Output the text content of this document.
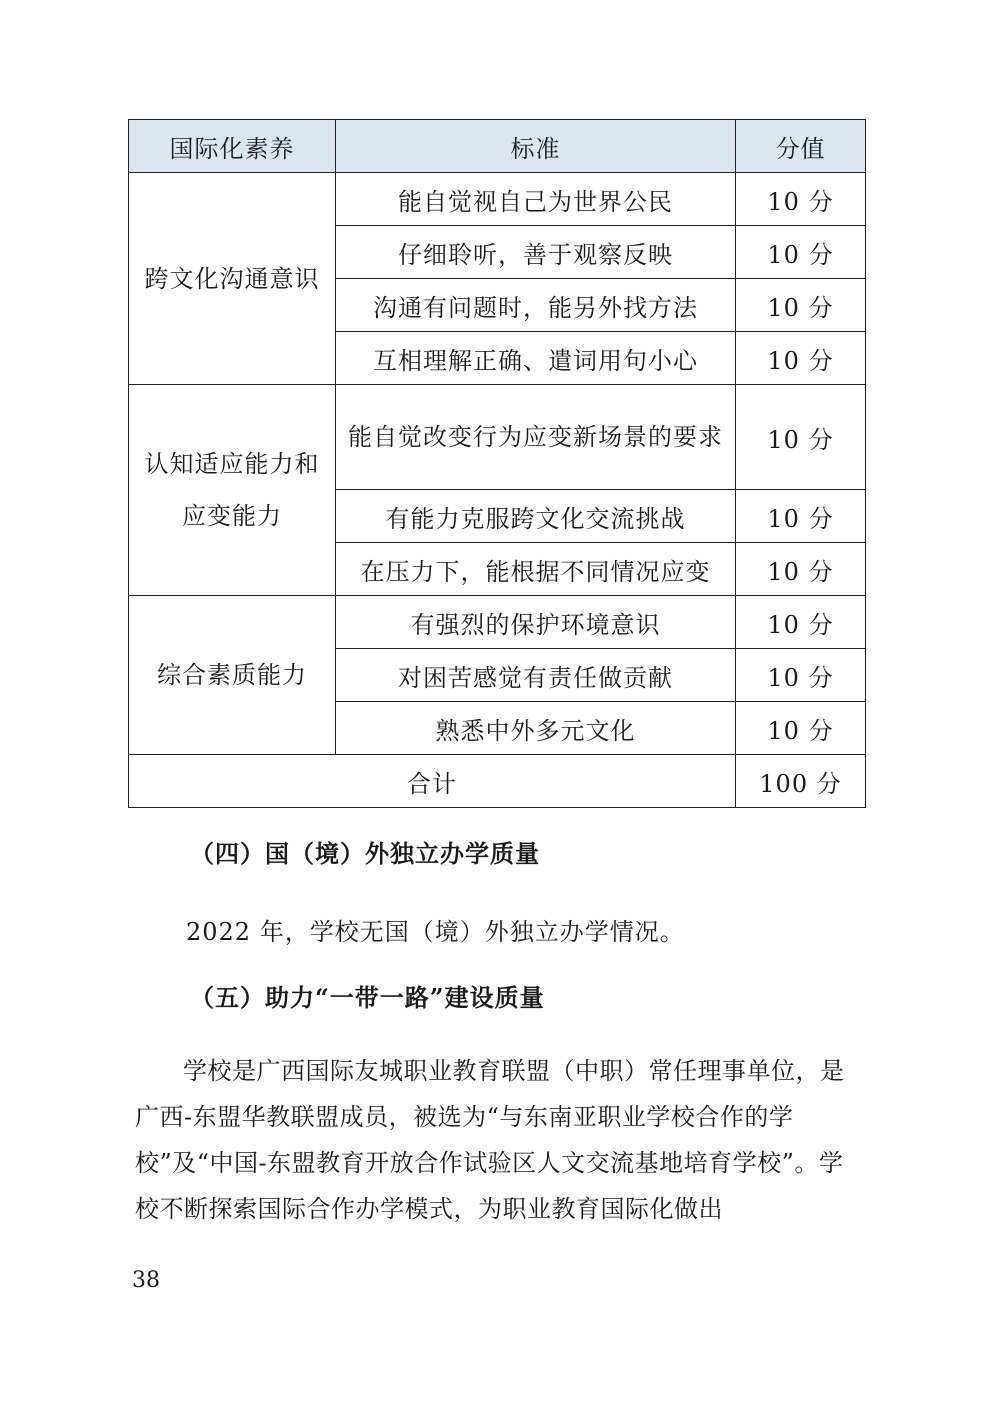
国际化素养	标准	分值
跨文化沟通意识	能自觉视自己为世界公民	10 分
	仔细聆听，善于观察反映	10 分
	沟通有问题时，能另外找方法	10 分
	互相理解正确、遣词用句小心	10 分
认知适应能力和应变能力	能自觉改变行为应变新场景的要求	10 分
	有能力克服跨文化交流挑战	10 分
	在压力下，能根据不同情况应变	10 分
综合素质能力	有强烈的保护环境意识	10 分
	对困苦感觉有责任做贡献	10 分
	熟悉中外多元文化	10 分
合计		100 分
（四）国（境）外独立办学质量
2022 年，学校无国（境）外独立办学情况。
（五）助力“一带一路”建设质量
学校是广西国际友城职业教育联盟（中职）常任理事单位，是广西-东盟华教联盟成员，被选为“与东南亚职业学校合作的学校”及“中国-东盟教育开放合作试验区人文交流基地培育学校”。学校不断探索国际合作办学模式，为职业教育国际化做出
38
